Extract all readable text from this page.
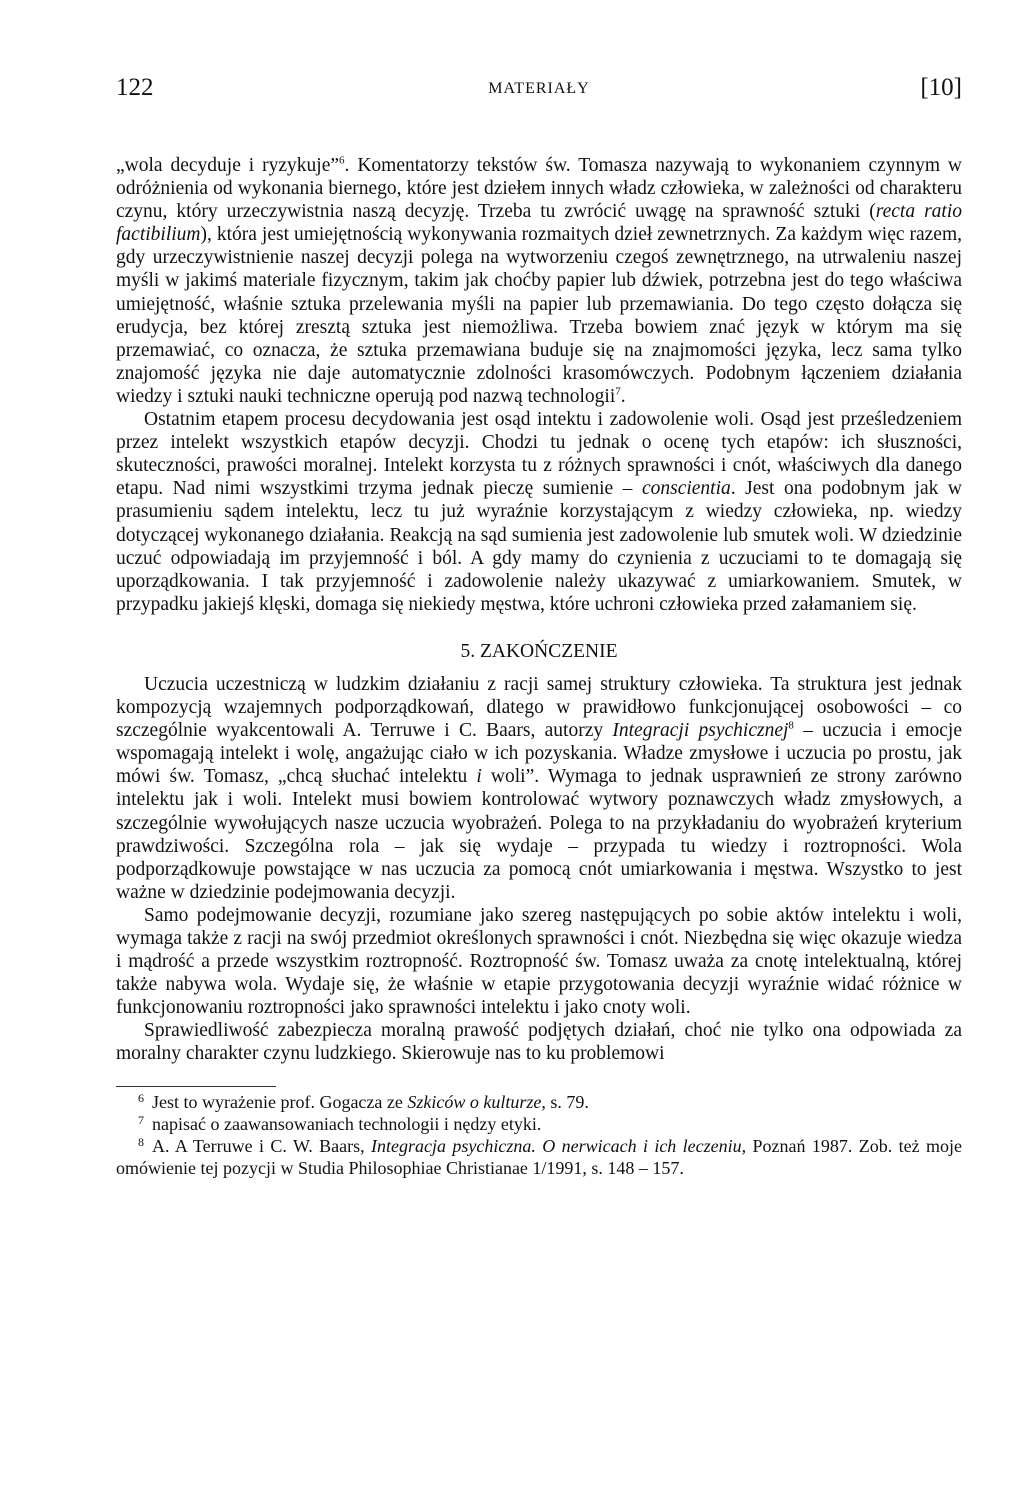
122	MATERIAŁY	[10]

„wola decyduje i ryzykuje”$^6$. Komentatorzy tekstów św. Tomasza nazywają to wykonaniem czynnym w odróżnienia od wykonania biernego, które jest dziełem innych władz człowieka, w zależności od charakteru czynu, który urzeczywistnia naszą decyzję. Trzeba tu zwrócić uwągę na sprawność sztuki (recta ratio factibilium), która jest umiejętnością wykonywania rozmaitych dzieł zewnetrznych. Za każdym więc razem, gdy urzeczywistnienie naszej decyzji polega na wytworzeniu czegoś zewnętrznego, na utrwaleniu naszej myśli w jakimś materiale fizycznym, takim jak choćby papier lub dźwiek, potrzebna jest do tego właściwa umiejętność, właśnie sztuka przelewania myśli na papier lub przemawiania. Do tego często dołącza się erudycja, bez której zresztą sztuka jest niemożliwa. Trzeba bowiem znać język w którym ma się przemawiać, co oznacza, że sztuka przemawiana buduje się na znajmomości języka, lecz sama tylko znajomość języka nie daje automatycznie zdolności krasomówczych. Podobnym łączeniem działania wiedzy i sztuki nauki techniczne operują pod nazwą technologii$^7$.

Ostatnim etapem procesu decydowania jest osąd intektu i zadowolenie woli. Osąd jest prześledzeniem przez intelekt wszystkich etapów decyzji. Chodzi tu jednak o ocenę tych etapów: ich słuszności, skuteczności, prawości moralnej. Intelekt korzysta tu z różnych sprawności i cnót, właściwych dla danego etapu. Nad nimi wszystkimi trzyma jednak pieczę sumienie – conscientia. Jest ona podobnym jak w prasumieniu sądem intelektu, lecz tu już wyraźnie korzystającym z wiedzy człowieka, np. wiedzy dotyczącej wykonanego działania. Reakcją na sąd sumienia jest zadowolenie lub smutek woli. W dziedzinie uczuć odpowiadają im przyjemność i ból. A gdy mamy do czynienia z uczuciami to te domagają się uporządkowania. I tak przyjemność i zadowolenie należy ukazywać z umiarkowaniem. Smutek, w przypadku jakiejś klęski, domaga się niekiedy męstwa, które uchroni człowieka przed załamaniem się.

5. ZAKOŃCZENIE

Uczucia uczestniczą w ludzkim działaniu z racji samej struktury człowieka. Ta struktura jest jednak kompozycją wzajemnych podporządkowań, dlatego w prawidłowo funkcjonującej osobowości – co szczególnie wyakcentowali A. Terruwe i C. Baars, autorzy Integracji psychicznej$^8$ – uczucia i emocje wspomagają intelekt i wolę, angażując ciało w ich pozyskania. Władze zmysłowe i uczucia po prostu, jak mówi św. Tomasz, „chcą słuchać intelektu i woli”. Wymaga to jednak usprawnień ze strony zarówno intelektu jak i woli. Intelekt musi bowiem kontrolować wytwory poznawczych władz zmysłowych, a szczególnie wywołujących nasze uczucia wyobrażeń. Polega to na przykładaniu do wyobrażeń kryterium prawdziwości. Szczególna rola – jak się wydaje – przypada tu wiedzy i roztropności. Wola podporządkowuje powstające w nas uczucia za pomocą cnót umiarkowania i męstwa. Wszystko to jest ważne w dziedzinie podejmowania decyzji.

Samo podejmowanie decyzji, rozumiane jako szereg następujących po sobie aktów intelektu i woli, wymaga także z racji na swój przedmiot określonych sprawności i cnót. Niezbędna się więc okazuje wiedza i mądrość a przede wszystkim roztropność. Roztropność św. Tomasz uważa za cnotę intelektualną, której także nabywa wola. Wydaje się, że właśnie w etapie przygotowania decyzji wyraźnie widać różnice w funkcjonowaniu roztropności jako sprawności intelektu i jako cnoty woli.

Sprawiedliwość zabezpiecza moralną prawość podjętych działań, choć nie tylko ona odpowiada za moralny charakter czynu ludzkiego. Skierowuje nas to ku problemowi

6 Jest to wyrażenie prof. Gogacza ze Szkiców o kulturze, s. 79.
7 napisać o zaawansowaniach technologii i nędzy etyki.
8 A. A Terruwe i C. W. Baars, Integracja psychiczna. O nerwicach i ich leczeniu, Poznań 1987. Zob. też moje omówienie tej pozycji w Studia Philosophiae Christianae 1/1991, s. 148 – 157.
